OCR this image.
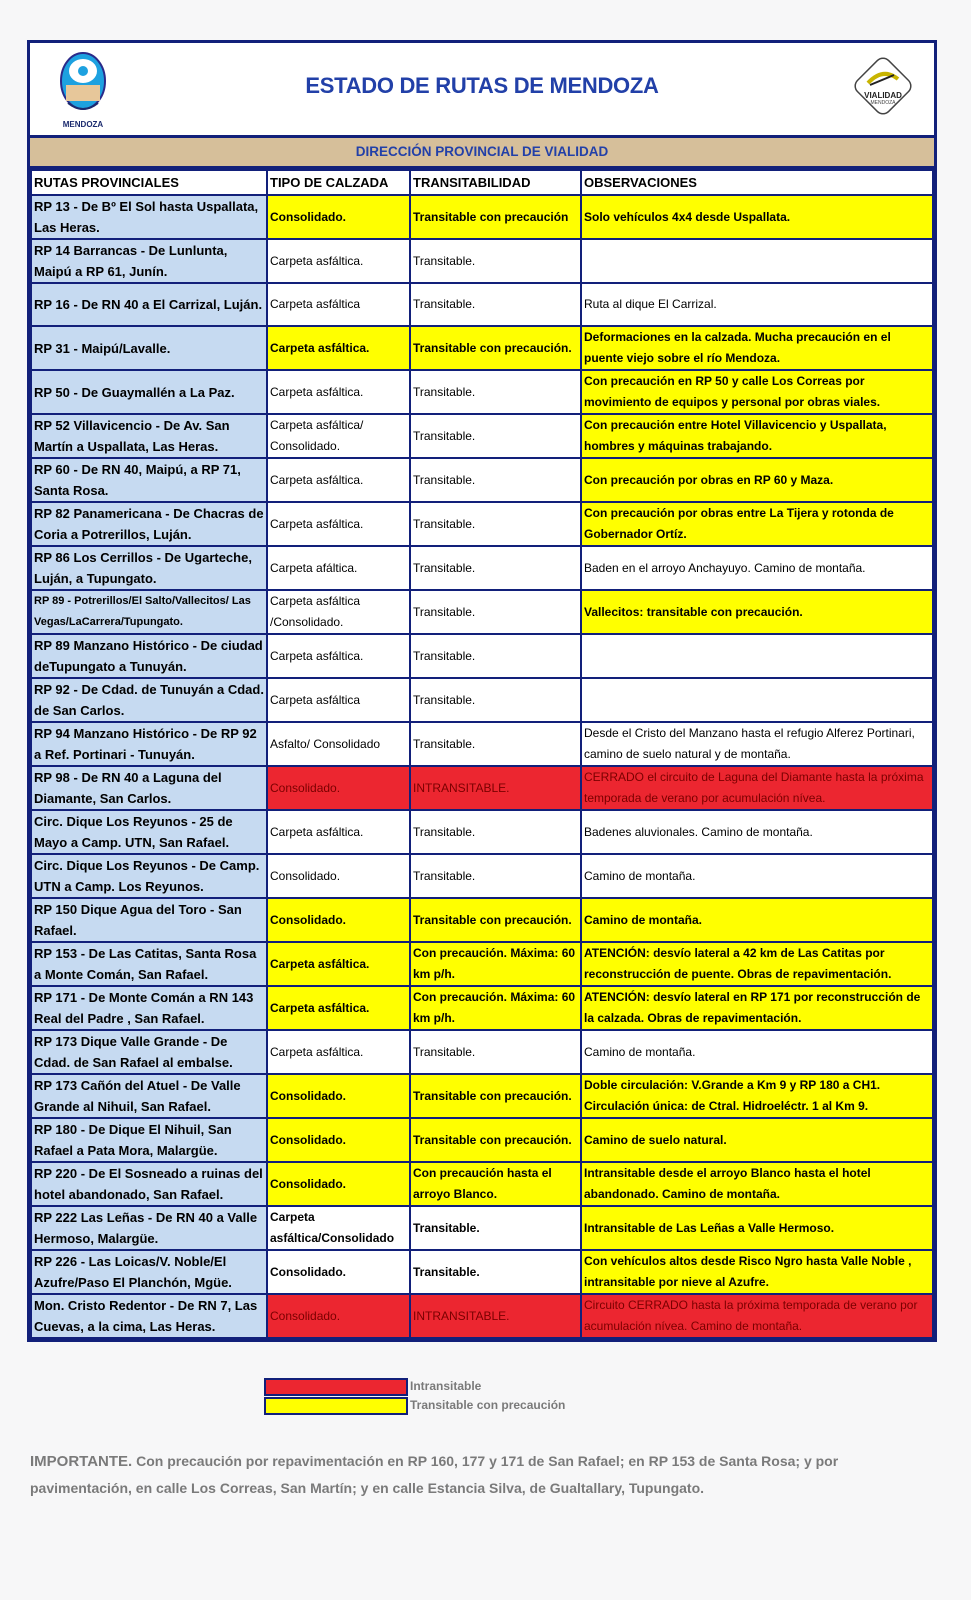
MENDOZA
ESTADO DE RUTAS DE MENDOZA	VIALIDAD
MENDOZA
DIRECCIÓN PROVINCIAL DE VIALIDAD
RUTAS PROVINCIALES	TIPO DE CALZADA	TRANSITABILIDAD	OBSERVACIONES
RP 13 - De Bº El Sol hasta Uspallata, Las Heras.	Consolidado.	Transitable con precaución	Solo vehículos 4x4 desde Uspallata.
RP 14 Barrancas - De Lunlunta, Maipú a RP 61, Junín.	Carpeta asfáltica.	Transitable.	
RP 16 - De RN 40 a El Carrizal, Luján.	Carpeta asfáltica	Transitable.	Ruta al dique El Carrizal.
RP 31 - Maipú/Lavalle.	Carpeta asfáltica.	Transitable con precaución.	Deformaciones en la calzada. Mucha precaución en el puente viejo sobre el río Mendoza.
RP 50 - De Guaymallén a La Paz.	Carpeta asfáltica.	Transitable.	Con precaución en RP 50 y calle Los Correas por movimiento de equipos y personal por obras viales.
RP 52 Villavicencio - De Av. San Martín a Uspallata, Las Heras.	Carpeta asfáltica/ Consolidado.	Transitable.	Con precaución entre Hotel Villavicencio y Uspallata, hombres y máquinas trabajando.
RP 60 - De RN 40, Maipú, a RP 71, Santa Rosa.	Carpeta asfáltica.	Transitable.	Con precaución por obras en RP 60 y Maza.
RP 82 Panamericana - De Chacras de Coria a Potrerillos, Luján.	Carpeta asfáltica.	Transitable.	Con precaución por obras entre La Tijera y rotonda de Gobernador Ortíz.
RP 86 Los Cerrillos - De Ugarteche, Luján, a Tupungato.	Carpeta afáltica.	Transitable.	Baden en el arroyo Anchayuyo. Camino de montaña.
RP 89 - Potrerillos/El Salto/Vallecitos/ Las Vegas/LaCarrera/Tupungato.	Carpeta asfáltica /Consolidado.	Transitable.	Vallecitos: transitable con precaución.
RP 89 Manzano Histórico - De ciudad deTupungato a Tunuyán.	Carpeta asfáltica.	Transitable.	
RP 92 - De Cdad. de Tunuyán a Cdad. de San Carlos.	Carpeta asfáltica	Transitable.	
RP 94 Manzano Histórico - De RP 92 a Ref. Portinari - Tunuyán.	Asfalto/ Consolidado	Transitable.	Desde el Cristo del Manzano hasta el refugio Alferez Portinari, camino de suelo natural y de montaña.
RP 98 - De RN 40 a Laguna del Diamante, San Carlos.	Consolidado.	INTRANSITABLE.	CERRADO el circuito de Laguna del Diamante hasta la próxima temporada de verano por acumulación nívea.
Circ. Dique Los Reyunos - 25 de Mayo a Camp. UTN, San Rafael.	Carpeta asfáltica.	Transitable.	Badenes aluvionales. Camino de montaña.
Circ. Dique Los Reyunos - De Camp. UTN a Camp. Los Reyunos.	Consolidado.	Transitable.	Camino de montaña.
RP 150 Dique Agua del Toro - San Rafael.	Consolidado.	Transitable con precaución.	Camino de montaña.
RP 153 - De Las Catitas, Santa Rosa a Monte Comán, San Rafael.	Carpeta asfáltica.	Con precaución. Máxima: 60 km p/h.	ATENCIÓN: desvío lateral a 42 km de Las Catitas por reconstrucción de puente. Obras de repavimentación.
RP 171 - De Monte Comán a RN 143 Real del Padre , San Rafael.	Carpeta asfáltica.	Con precaución. Máxima: 60 km p/h.	ATENCIÓN: desvío lateral en RP 171 por reconstrucción de la calzada. Obras de repavimentación.
RP 173 Dique Valle Grande - De Cdad. de San Rafael al embalse.	Carpeta asfáltica.	Transitable.	Camino de montaña.
RP 173 Cañón del Atuel - De Valle Grande al Nihuil, San Rafael.	Consolidado.	Transitable con precaución.	Doble circulación: V.Grande a Km 9 y RP 180 a CH1. Circulación única: de Ctral. Hidroeléctr. 1 al Km 9.
RP 180 - De Dique El Nihuil, San Rafael a Pata Mora, Malargüe.	Consolidado.	Transitable con precaución.	Camino de suelo natural.
RP 220 - De El Sosneado a ruinas del hotel abandonado, San Rafael.	Consolidado.	Con precaución hasta el arroyo Blanco.	Intransitable desde el arroyo Blanco hasta el hotel abandonado. Camino de montaña.
RP 222 Las Leñas - De RN 40 a Valle Hermoso, Malargüe.	Carpeta asfáltica/Consolidado	Transitable.	Intransitable de Las Leñas a Valle Hermoso.
RP 226 - Las Loicas/V. Noble/El Azufre/Paso El Planchón, Mgüe.	Consolidado.	Transitable.	Con vehículos altos desde Risco Ngro hasta Valle Noble , intransitable por nieve al Azufre.
Mon. Cristo Redentor - De RN 7, Las Cuevas, a la cima, Las Heras.	Consolidado.	INTRANSITABLE.	Circuito CERRADO hasta la próxima temporada de verano por acumulación nívea. Camino de montaña.
Intransitable
Transitable con precaución
IMPORTANTE. Con precaución por repavimentación en RP 160, 177 y 171 de San Rafael; en RP 153 de Santa Rosa; y por pavimentación, en calle Los Correas, San Martín; y en calle Estancia Silva, de Gualtallary, Tupungato.
